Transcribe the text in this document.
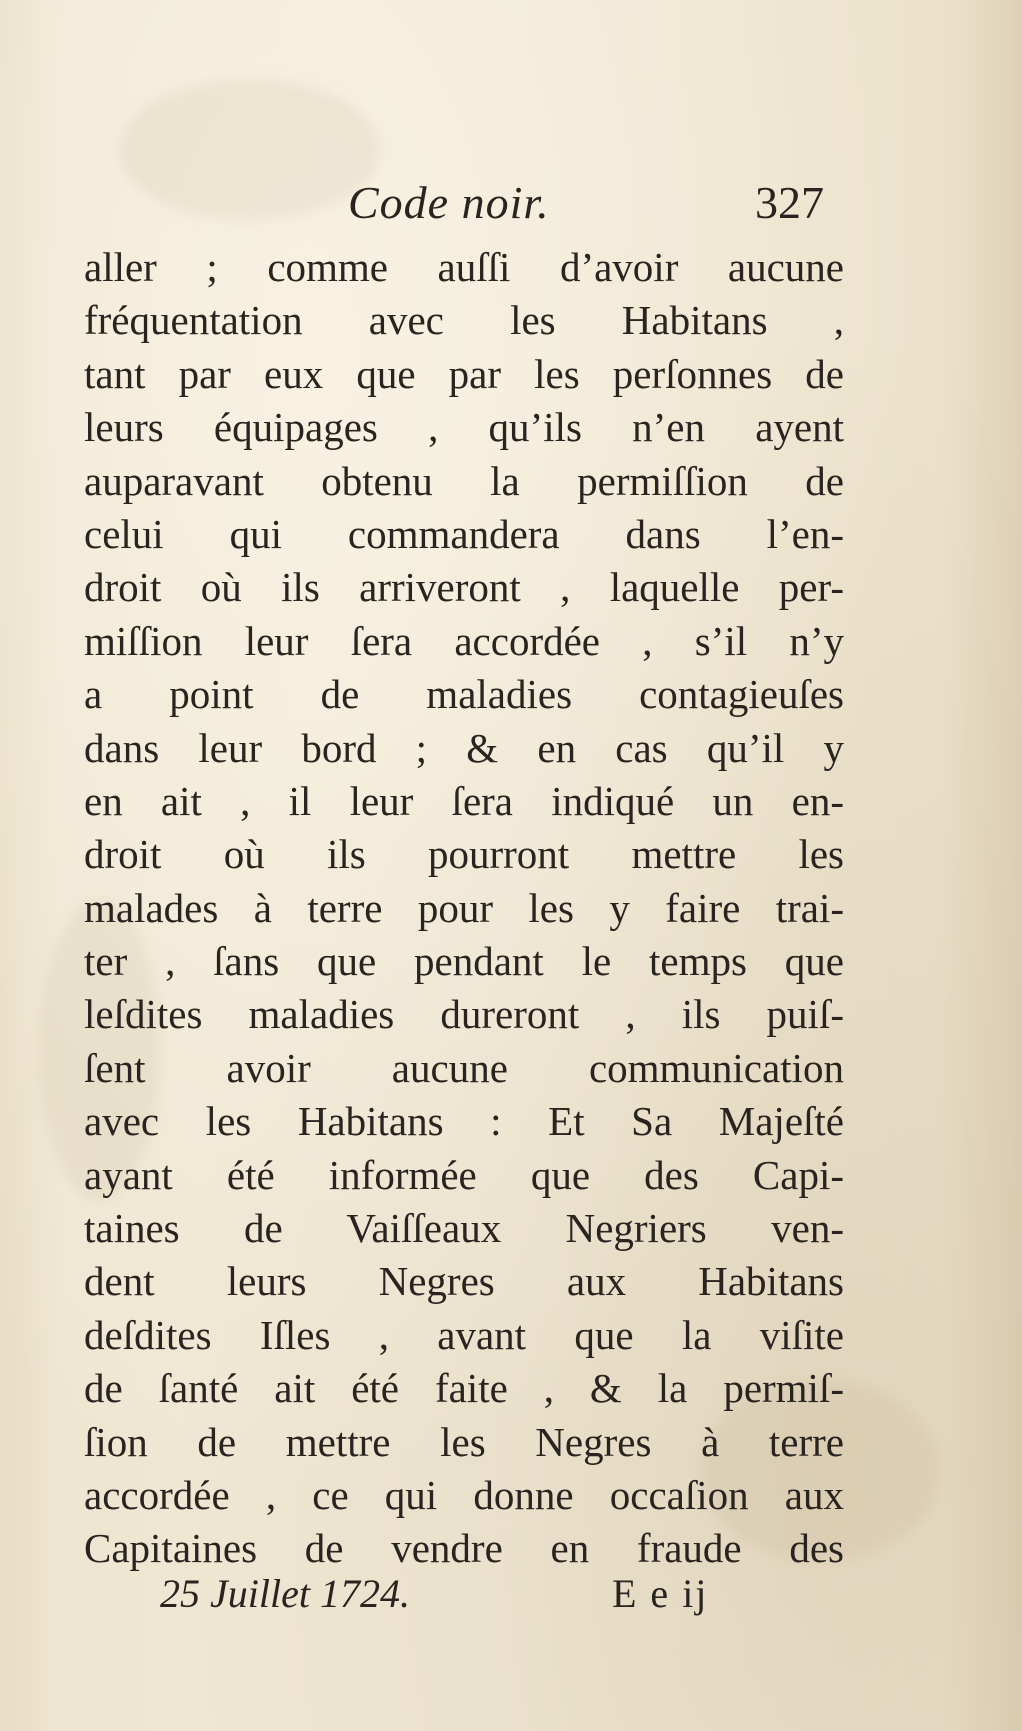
Code noir.	327
aller ; comme auſſi d’avoir aucune
fréquentation avec les Habitans ,
tant par eux que par les perſonnes de
leurs équipages , qu’ils n’en ayent
auparavant obtenu la permiſſion de
celui qui commandera dans l’en-
droit où ils arriveront , laquelle per-
miſſion leur ſera accordée , s’il n’y
a point de maladies contagieuſes
dans leur bord ; & en cas qu’il y
en ait , il leur ſera indiqué un en-
droit où ils pourront mettre les
malades à terre pour les y faire trai-
ter , ſans que pendant le temps que
leſdites maladies dureront , ils puiſ-
ſent avoir aucune communication
avec les Habitans : Et Sa Majeſté
ayant été informée que des Capi-
taines de Vaiſſeaux Negriers ven-
dent leurs Negres aux Habitans
deſdites Iſles , avant que la viſite
de ſanté ait été faite , & la permiſ-
ſion de mettre les Negres à terre
accordée , ce qui donne occaſion aux
Capitaines de vendre en fraude des
25 Juillet 1724.	E e ij
